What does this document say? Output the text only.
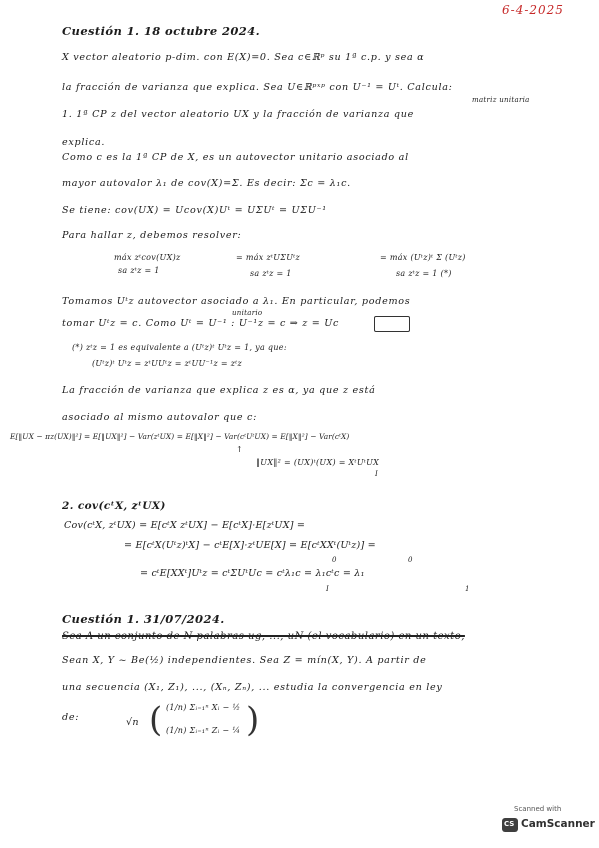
6-4-2025
Cuestión 1. 18 octubre 2024.
X vector aleatorio p-dim. con E(X)=0. Sea c∈ℝᵖ su 1ª c.p. y sea α
la fracción de varianza que explica. Sea U∈ℝᵖˣᵖ con U⁻¹ = Uᵗ. Calcula:
matriz unitaria
1. 1ª CP z del vector aleatorio UX y la fracción de varianza que
explica.
Como c es la 1ª CP de X, es un autovector unitario asociado al
mayor autovalor λ₁ de cov(X)=Σ. Es decir: Σc = λ₁c.
Se tiene: cov(UX) = Ucov(X)Uᵗ = UΣUᵗ = UΣU⁻¹
Para hallar z, debemos resolver:
máx zᵗcov(UX)z
sa zᵗz = 1
= máx zᵗUΣUᵗz
sa zᵗz = 1
= máx (Uᵗz)ᵗ Σ (Uᵗz)
sa zᵗz = 1 (*)
Tomamos Uᵗz autovector asociado a λ₁. En particular, podemos
unitario
tomar Uᵗz = c. Como Uᵗ = U⁻¹ : U⁻¹z = c ⇒ z = Uc
(*) zᵗz = 1 es equivalente a (Uᵗz)ᵗ Uᵗz = 1, ya que:
(Uᵗz)ᵗ Uᵗz = zᵗUUᵗz = zᵗUU⁻¹z = zᵗz
La fracción de varianza que explica z es α, ya que z está
asociado al mismo autovalor que c:
E[‖UX − πz(UX)‖²] = E[‖UX‖²] − Var(zᵗUX) = E[‖X‖²] − Var(cᵗUᵗUX) = E[‖X‖²] − Var(cᵗX)
↑
‖UX‖² = (UX)ᵗ(UX) = XᵗUᵗUX
I
2. cov(cᵗX, zᵗUX)
Cov(cᵗX, zᵗUX) = E[cᵗX zᵗUX] − E[cᵗX]·E[zᵗUX] =
= E[cᵗX(Uᵗz)ᵗX] − cᵗE[X]·zᵗUE[X] = E[cᵗXXᵗ(Uᵗz)] =
0	0
= cᵗE[XXᵗ]Uᵗz = cᵗΣUᵗUc = cᵗλ₁c = λ₁cᵗc = λ₁
I	1
Cuestión 1. 31/07/2024.
Sea A un conjunto de N palabras ug, ..., uN (el vocabulario) en un texto,
Sean X, Y ~ Be(½) independientes. Sea Z = mín(X, Y). A partir de
una secuencia (X₁, Z₁), ..., (Xₙ, Zₙ), ... estudia la convergencia en ley
de:	√n ( (1/n) Σᵢ₌₁ⁿ Xᵢ − ½
(1/n) Σᵢ₌₁ⁿ Zᵢ − ¼ )
Scanned with
CS
CamScanner
